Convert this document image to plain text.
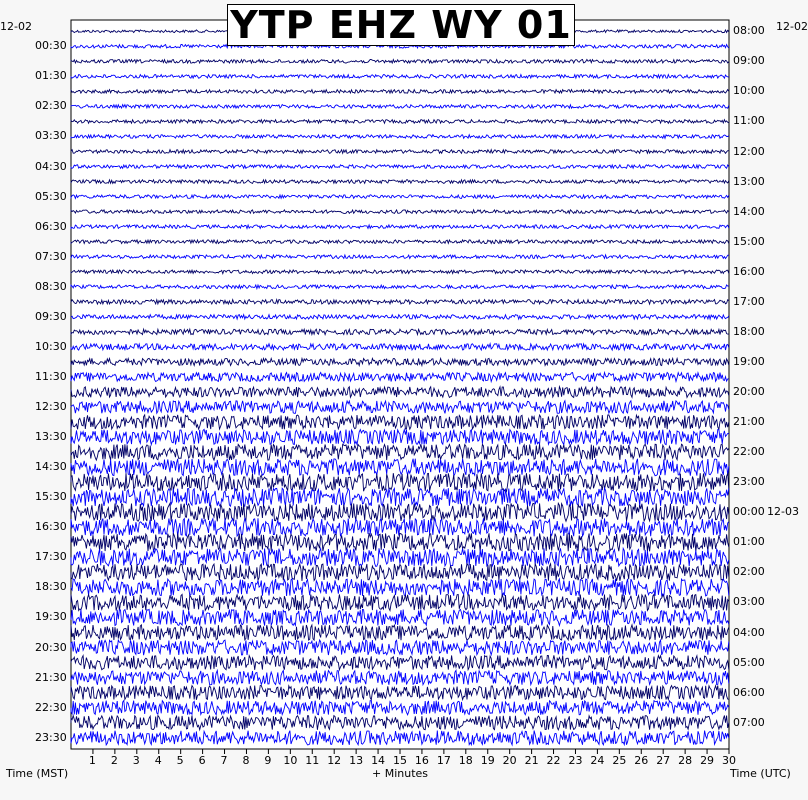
YTP EHZ WY 01
12-02	12-02
Time (MST)	+ Minutes	Time (UTC)
00:30
01:30
02:30
03:30
04:30
05:30
06:30
07:30
08:30
09:30
10:30
11:30
12:30
13:30
14:30
15:30
16:30
17:30
18:30
19:30
20:30
21:30
22:30
23:30
08:00
09:00
10:00
11:00
12:00
13:00
14:00
15:00
16:00
17:00
18:00
19:00
20:00
21:00
22:00
23:00
00:00 12-03
01:00
02:00
03:00
04:00
05:00
06:00
07:00
1 2 3 4 5 6 7 8 9 10 11 12 13 14 15 16 17 18 19 20 21 22 23 24 25 26 27 28 29 30
